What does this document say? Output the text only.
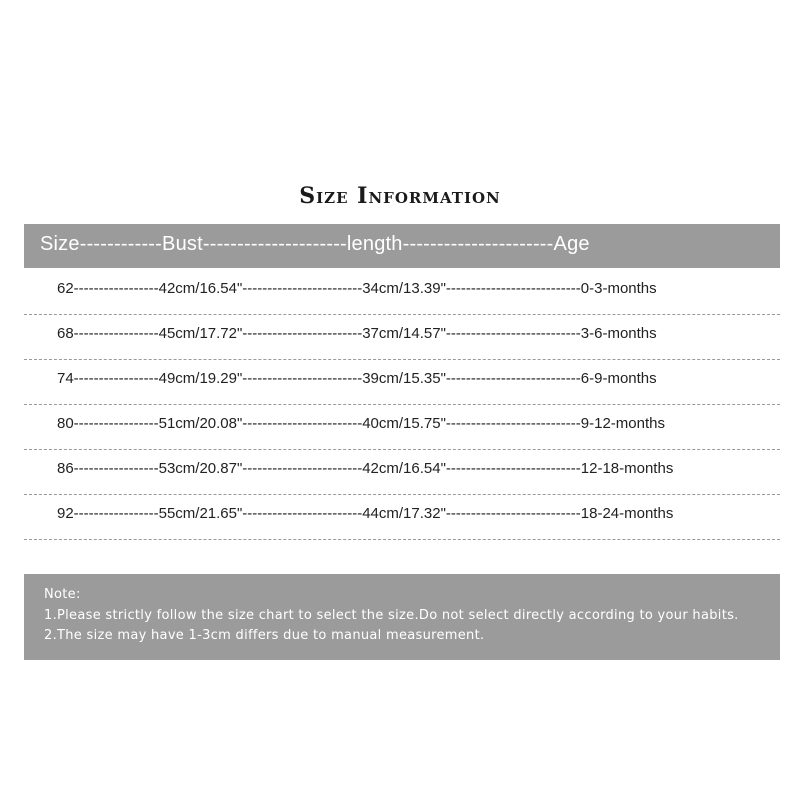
Size Information
Size------------Bust---------------------length----------------------Age
62-----------------42cm/16.54"------------------------34cm/13.39"---------------------------0-3-months
68-----------------45cm/17.72"------------------------37cm/14.57"---------------------------3-6-months
74-----------------49cm/19.29"------------------------39cm/15.35"---------------------------6-9-months
80-----------------51cm/20.08"------------------------40cm/15.75"---------------------------9-12-months
86-----------------53cm/20.87"------------------------42cm/16.54"---------------------------12-18-months
92-----------------55cm/21.65"------------------------44cm/17.32"---------------------------18-24-months
Note:
1.Please strictly follow the size chart to select the size.Do not select directly according to your habits.
2.The size may have 1-3cm differs due to manual measurement.
